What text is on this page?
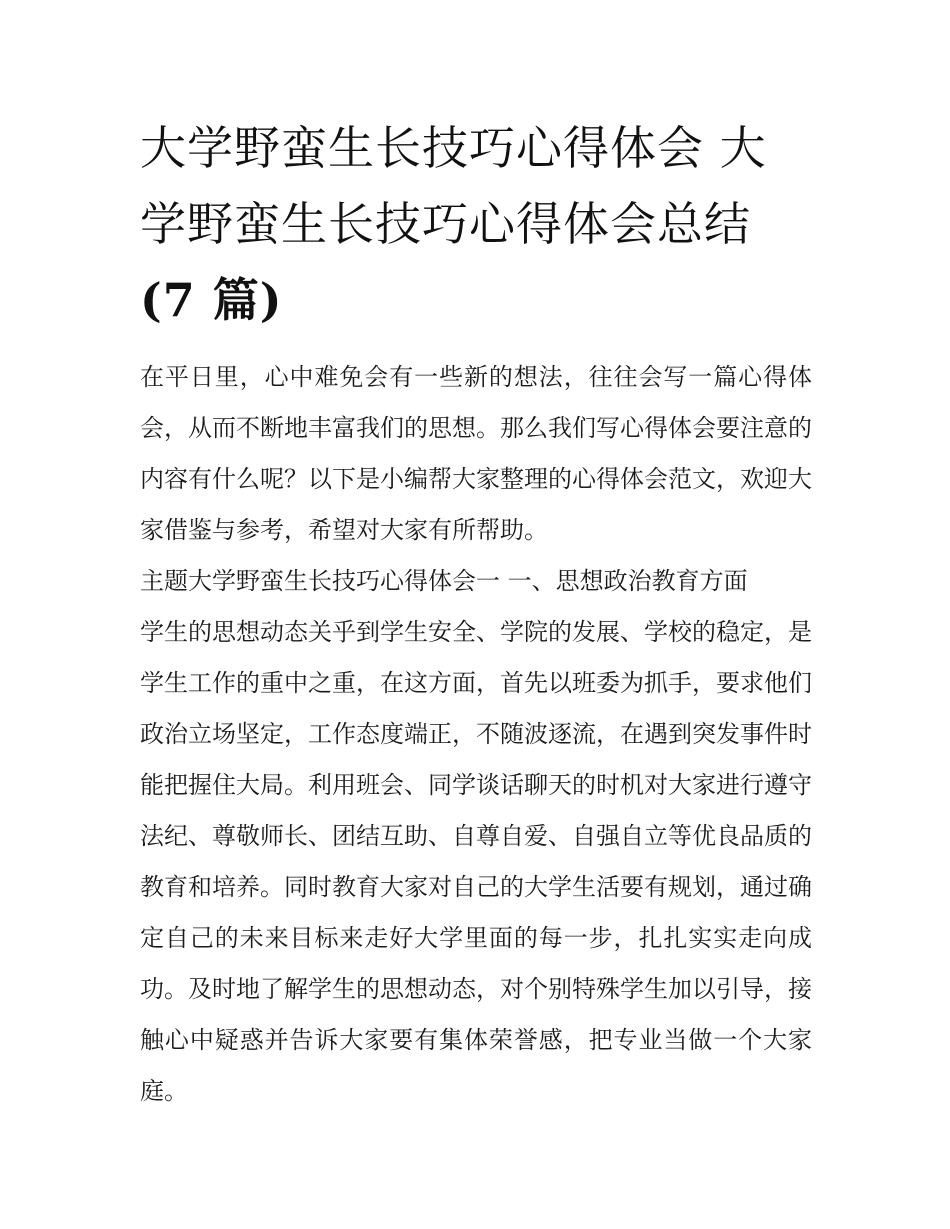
大学野蛮生长技巧心得体会 大学野蛮生长技巧心得体会总结 (7 篇)

在平日里，心中难免会有一些新的想法，往往会写一篇心得体会，从而不断地丰富我们的思想。那么我们写心得体会要注意的内容有什么呢？以下是小编帮大家整理的心得体会范文，欢迎大家借鉴与参考，希望对大家有所帮助。

主题大学野蛮生长技巧心得体会一 一、思想政治教育方面

学生的思想动态关乎到学生安全、学院的发展、学校的稳定，是学生工作的重中之重，在这方面，首先以班委为抓手，要求他们政治立场坚定，工作态度端正，不随波逐流，在遇到突发事件时能把握住大局。利用班会、同学谈话聊天的时机对大家进行遵守法纪、尊敬师长、团结互助、自尊自爱、自强自立等优良品质的教育和培养。同时教育大家对自己的大学生活要有规划，通过确定自己的未来目标来走好大学里面的每一步，扎扎实实走向成功。及时地了解学生的思想动态，对个别特殊学生加以引导，接触心中疑惑并告诉大家要有集体荣誉感，把专业当做一个大家庭。
